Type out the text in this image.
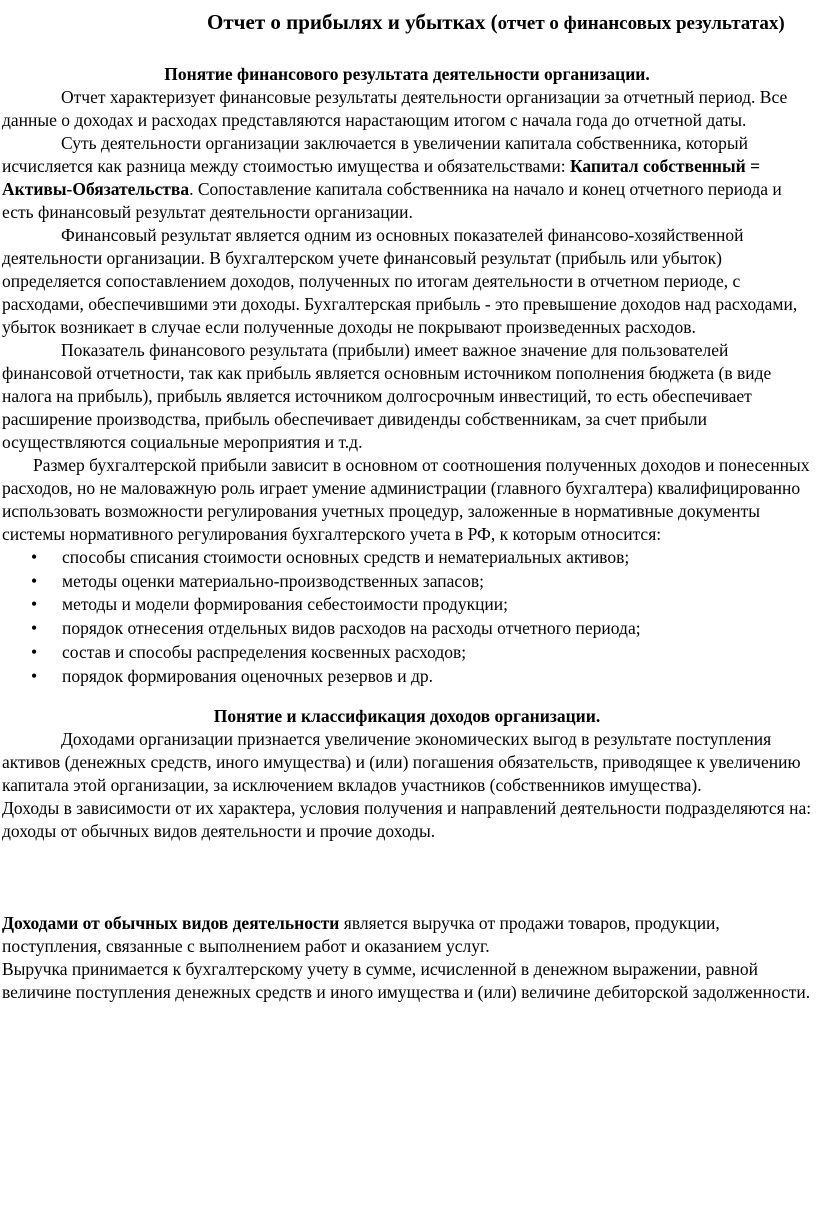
Отчет о прибылях и убытках (отчет о финансовых результатах)
Понятие финансового результата деятельности организации.

Отчет характеризует финансовые результаты деятельности организации за отчетный период. Все данные о доходах и расходах представляются нарастающим итогом с начала года до отчетной даты.

Суть деятельности организации заключается в увеличении капитала собственника, который исчисляется как разница между стоимостью имущества и обязательствами: Капитал собственный = Активы-Обязательства. Сопоставление капитала собственника на начало и конец отчетного периода и есть финансовый результат деятельности организации.

Финансовый результат является одним из основных показателей финансово-хозяйственной деятельности организации. В бухгалтерском учете финансовый результат (прибыль или убыток) определяется сопоставлением доходов, полученных по итогам деятельности в отчетном периоде, с расходами, обеспечившими эти доходы. Бухгалтерская прибыль - это превышение доходов над расходами, убыток возникает в случае если полученные доходы не покрывают произведенных расходов.

Показатель финансового результата (прибыли) имеет важное значение для пользователей финансовой отчетности, так как прибыль является основным источником пополнения бюджета (в виде налога на прибыль), прибыль является источником долгосрочным инвестиций, то есть обеспечивает расширение производства, прибыль обеспечивает дивиденды собственникам, за счет прибыли осуществляются социальные мероприятия и т.д.

Размер бухгалтерской прибыли зависит в основном от соотношения полученных доходов и понесенных расходов, но не маловажную роль играет умение администрации (главного бухгалтера) квалифицированно использовать возможности регулирования учетных процедур, заложенные в нормативные документы системы нормативного регулирования бухгалтерского учета в РФ, к которым относится:

• способы списания стоимости основных средств и нематериальных активов;
• методы оценки материально-производственных запасов;
• методы и модели формирования себестоимости продукции;
• порядок отнесения отдельных видов расходов на расходы отчетного периода;
• состав и способы распределения косвенных расходов;
• порядок формирования оценочных резервов и др.
Понятие и классификация доходов организации.

Доходами организации признается увеличение экономических выгод в результате поступления активов (денежных средств, иного имущества) и (или) погашения обязательств, приводящее к увеличению капитала этой организации, за исключением вкладов участников (собственников имущества).

Доходы в зависимости от их характера, условия получения и направлений деятельности подразделяются на: доходы от обычных видов деятельности и прочие доходы.

Доходами от обычных видов деятельности является выручка от продажи товаров, продукции, поступления, связанные с выполнением работ и оказанием услуг.

Выручка принимается к бухгалтерскому учету в сумме, исчисленной в денежном выражении, равной величине поступления денежных средств и иного имущества и (или) величине дебиторской задолженности.
